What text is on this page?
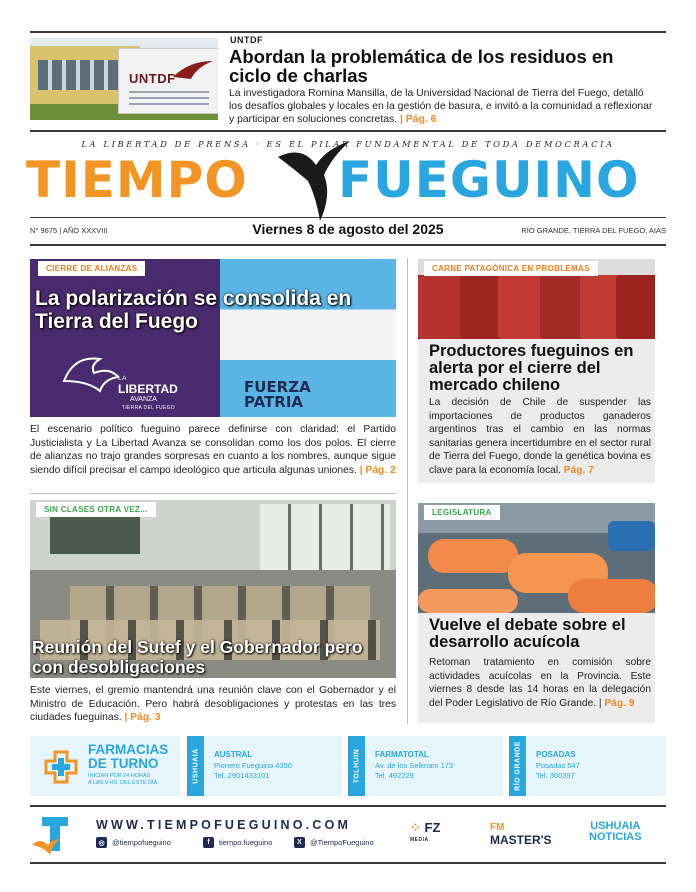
UNTDF
UNTDF
Abordan la problemática de los residuos en ciclo de charlas
La investigadora Romina Mansilla, de la Universidad Nacional de Tierra del Fuego, detalló los desafíos globales y locales en la gestión de basura, e invitó a la comunidad a reflexionar y participar en soluciones concretas. | Pág. 6
LA LIBERTAD DE PRENSA · ES EL PILAR FUNDAMENTAL DE TODA DEMOCRACIA
TIEMPO FUEGUINO
N° 9675 | AÑO XXXVIII	Viernes 8 de agosto del 2025	RÍO GRANDE, TIERRA DEL FUEGO, AIAS
LA
LIBERTAD
AVANZA
TIERRA DEL FUEGO
FUERZA PATRIA
CIERRE DE ALIANZAS
La polarización se consolida en Tierra del Fuego
El escenario político fueguino parece definirse con claridad: el Partido Justicialista y La Libertad Avanza se consolidan como los dos polos. El cierre de alianzas no trajo grandes sorpresas en cuanto a los nombres, aunque sigue siendo difícil precisar el campo ideológico que articula algunas uniones. | Pág. 2
CARNE PATAGÓNICA EN PROBLEMAS
Productores fueguinos en alerta por el cierre del mercado chileno
La decisión de Chile de suspender las importaciones de productos ganaderos argentinos tras el cambio en las normas sanitarias genera incertidumbre en el sector rural de Tierra del Fuego, donde la genética bovina es clave para la economía local. Pág. 7
SIN CLASES OTRA VEZ...
Reunión del Sutef y el Gobernador pero con desobligaciones
Este viernes, el gremio mantendrá una reunión clave con el Gobernador y el Ministro de Educación. Pero habrá desobligaciones y protestas en las tres ciudades fueguinas. | Pág. 3
LEGISLATURA
Vuelve el debate sobre el desarrollo acuícola
Retoman tratamiento en comisión sobre actividades acuícolas en la Provincia. Este viernes 8 desde las 14 horas en la delegación del Poder Legislativo de Río Grande. | Pág. 9
FARMACIAS
DE TURNO
INICIAN POR 24 HORAS
A LAS 9 HS. DEL ESTE DÍA.	USHUAIA AUSTRAL
Pionero Fueguino 4350
Tel. 2901433101	TOLHUIN FARMATOTAL
Av. de los Selknam 173
Tel. 492229	RÍO GRANDE POSADAS
Posadas 547
Tel. 300397
WWW.TIEMPOFUEGUINO.COM
◎ @tiempofueguino	f	tiempo.fueguino	X	@TiempoFueguino
⁘ FZ
MEDIA
FM
MASTER'S
USHUAIA
NOTICIAS
